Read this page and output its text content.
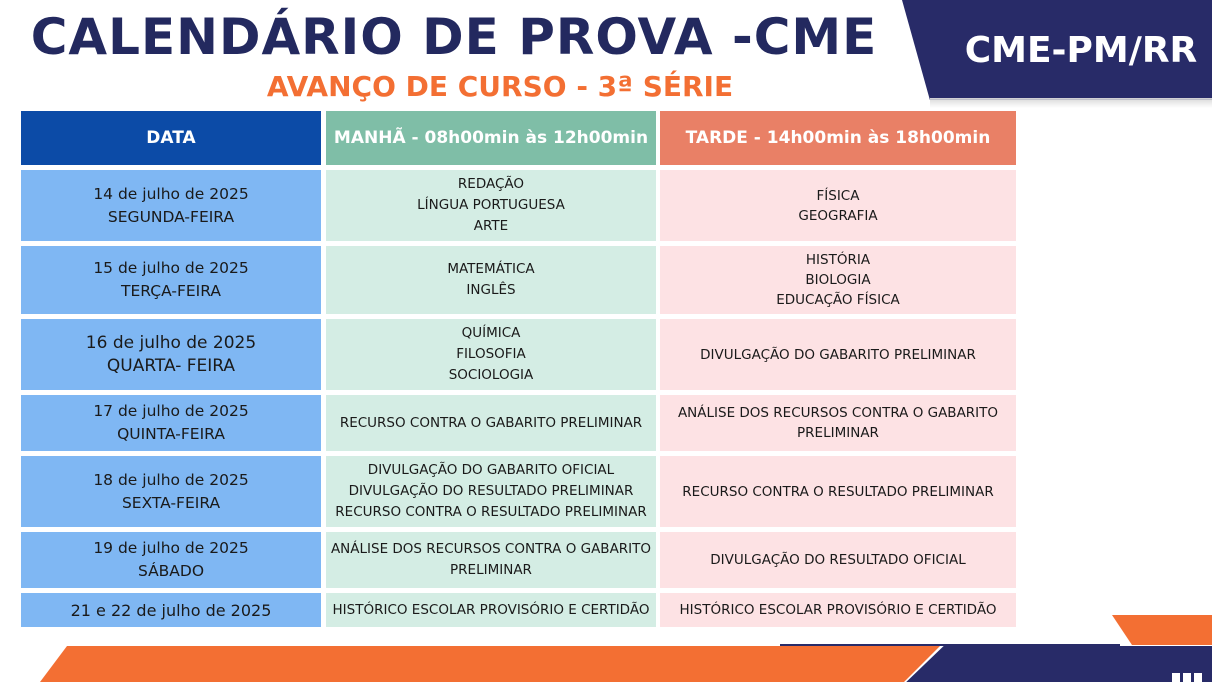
CALENDÁRIO DE PROVA -CME
AVANÇO DE CURSO - 3ª SÉRIE
CME-PM/RR
DATA	MANHÃ - 08h00min às 12h00min TARDE - 14h00min às 18h00min
14 de julho de 2025
SEGUNDA-FEIRA
REDAÇÃO
LÍNGUA PORTUGUESA
ARTE
FÍSICA
GEOGRAFIA
15 de julho de 2025
TERÇA-FEIRA
MATEMÁTICA
INGLÊS
HISTÓRIA
BIOLOGIA
EDUCAÇÃO FÍSICA
16 de julho de 2025
QUARTA- FEIRA
QUÍMICA
FILOSOFIA
SOCIOLOGIA
DIVULGAÇÃO DO GABARITO PRELIMINAR
17 de julho de 2025
QUINTA-FEIRA
RECURSO CONTRA O GABARITO PRELIMINAR
ANÁLISE DOS RECURSOS CONTRA O GABARITO
PRELIMINAR
18 de julho de 2025
SEXTA-FEIRA
DIVULGAÇÃO DO GABARITO OFICIAL
DIVULGAÇÃO DO RESULTADO PRELIMINAR
RECURSO CONTRA O RESULTADO PRELIMINAR
RECURSO CONTRA O RESULTADO PRELIMINAR
19 de julho de 2025
SÁBADO
ANÁLISE DOS RECURSOS CONTRA O GABARITO
PRELIMINAR
DIVULGAÇÃO DO RESULTADO OFICIAL
21 e 22 de julho de 2025	HISTÓRICO ESCOLAR PROVISÓRIO E CERTIDÃO HISTÓRICO ESCOLAR PROVISÓRIO E CERTIDÃO
